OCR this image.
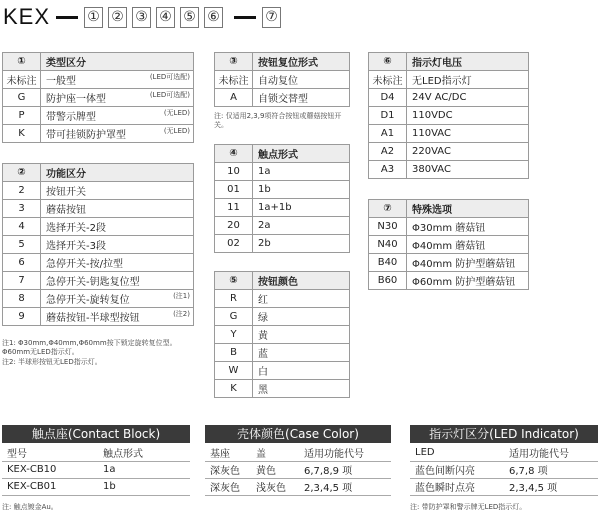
KEX	① ② ③ ④ ⑤ ⑥	⑦
①	类型区分
未标注	一般型 (LED可选配)

G	防护座一体型 (LED可选配)

P	带警示牌型 (无LED)

K	带可挂锁防护罩型 (无LED)
②	功能区分
2	按钮开关

3	蘑菇按钮

4	选择开关-2段

5	选择开关-3段

6	急停开关-按/拉型

7	急停开关-钥匙复位型

8	急停开关-旋转复位 (注1)

9	蘑菇按钮-半球型按钮 (注2)
注1: Φ30mm,Φ40mm,Φ60mm按下锁定旋转复位型。Φ60mm无LED指示灯。
注2: 半球形按钮无LED指示灯。
③	按钮复位形式
未标注	自动复位
A	自锁交替型
注: 仅适用2,3,9项符合按钮或蘑菇按钮开关。
④	触点形式
10	1a
01	1b
11	1a+1b
20	2a
02	2b
⑤	按钮颜色
R	红
G	绿
Y	黄
B	蓝
W	白
K	黑
⑥	指示灯电压
未标注	无LED指示灯
D4	24V AC/DC
D1	110VDC
A1	110VAC
A2	220VAC
A3	380VAC
⑦	特殊选项
N30	Φ30mm 蘑菇钮
N40	Φ40mm 蘑菇钮
B40	Φ40mm 防护型蘑菇钮
B60	Φ60mm 防护型蘑菇钮
触点座(Contact Block)
型号	触点形式
KEX-CB10	1a
KEX-CB01	1b
注: 触点镀金Au。
壳体颜色(Case Color)
基座	盖	适用功能代号
深灰色	黄色	6,7,8,9 项
深灰色	浅灰色	2,3,4,5 项
指示灯区分(LED Indicator)
LED	适用功能代号
蓝色间断闪亮	6,7,8 项
蓝色瞬时点亮	2,3,4,5 项
注: 带防护罩和警示牌无LED指示灯。
